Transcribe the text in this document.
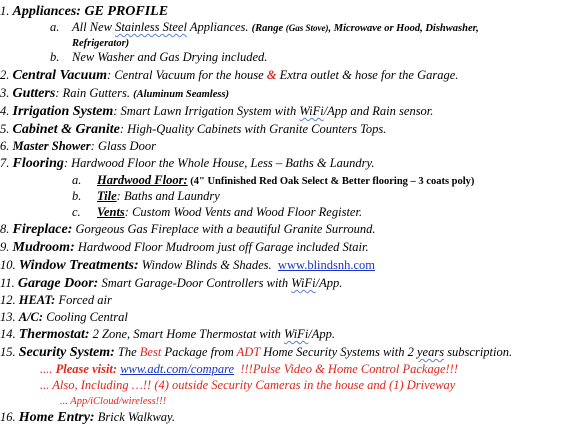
1. Appliances: GE PROFILE
a. All New Stainless Steel Appliances. (Range (Gas Stove), Microwave or Hood, Dishwasher,
Refrigerator)
b. New Washer and Gas Drying included.
2. Central Vacuum: Central Vacuum for the house & Extra outlet & hose for the Garage.
3. Gutters: Rain Gutters. (Aluminum Seamless)
4. Irrigation System: Smart Lawn Irrigation System with WiFi/App and Rain sensor.
5. Cabinet & Granite: High-Quality Cabinets with Granite Counters Tops.
6. Master Shower: Glass Door
7. Flooring: Hardwood Floor the Whole House, Less – Baths & Laundry.
a. Hardwood Floor: (4" Unfinished Red Oak Select & Better flooring – 3 coats poly)
b. Tile: Baths and Laundry
c. Vents: Custom Wood Vents and Wood Floor Register.
8. Fireplace: Gorgeous Gas Fireplace with a beautiful Granite Surround.
9. Mudroom: Hardwood Floor Mudroom just off Garage included Stair.
10. Window Treatments: Window Blinds & Shades.  www.blindsnh.com
11. Garage Door: Smart Garage-Door Controllers with WiFi/App.
12. HEAT: Forced air
13. A/C: Cooling Central
14. Thermostat: 2 Zone, Smart Home Thermostat with WiFi/App.
15. Security System: The Best Package from ADT Home Security Systems with 2 years subscription.
.... Please visit: www.adt.com/compare  !!!Pulse Video & Home Control Package!!!
... Also, Including …!! (4) outside Security Cameras in the house and (1) Driveway
... App/iCloud/wireless!!!
16. Home Entry: Brick Walkway.
